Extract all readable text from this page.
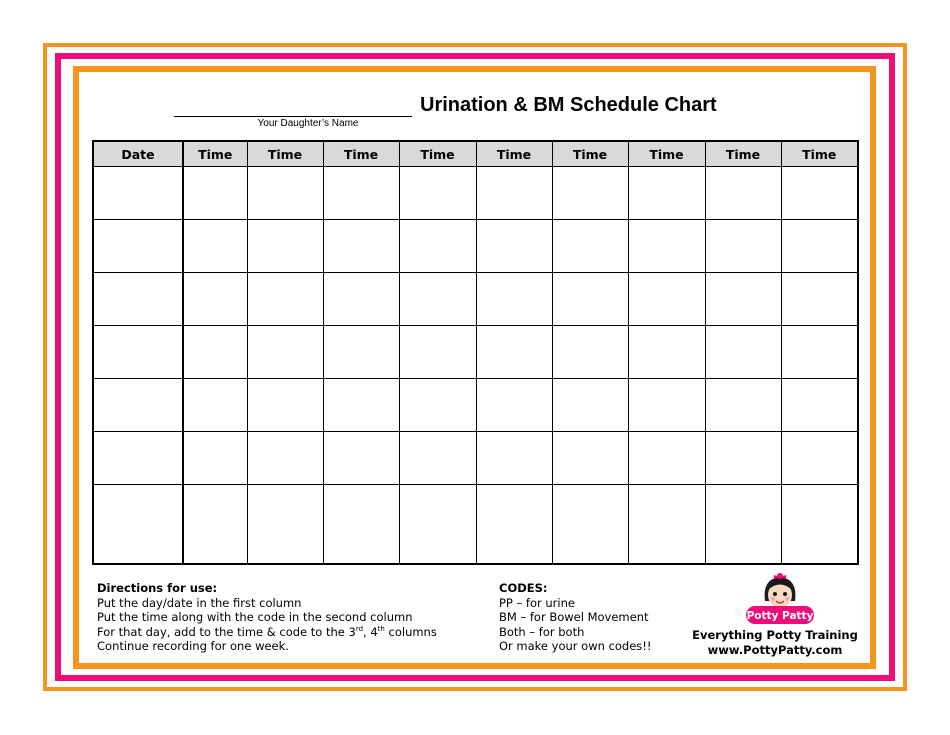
Your Daughter’s Name
Urination & BM Schedule Chart
Date	Time	Time	Time	Time	Time	Time	Time	Time	Time

Directions for use:
Put the day/date in the first column
Put the time along with the code in the second column
For that day, add to the time & code to the 3rd, 4th columns
Continue recording for one week.
CODES:
PP – for urine
BM – for Bowel Movement
Both – for both
Or make your own codes!!
Potty Patty
Everything Potty Training
www.PottyPatty.com
